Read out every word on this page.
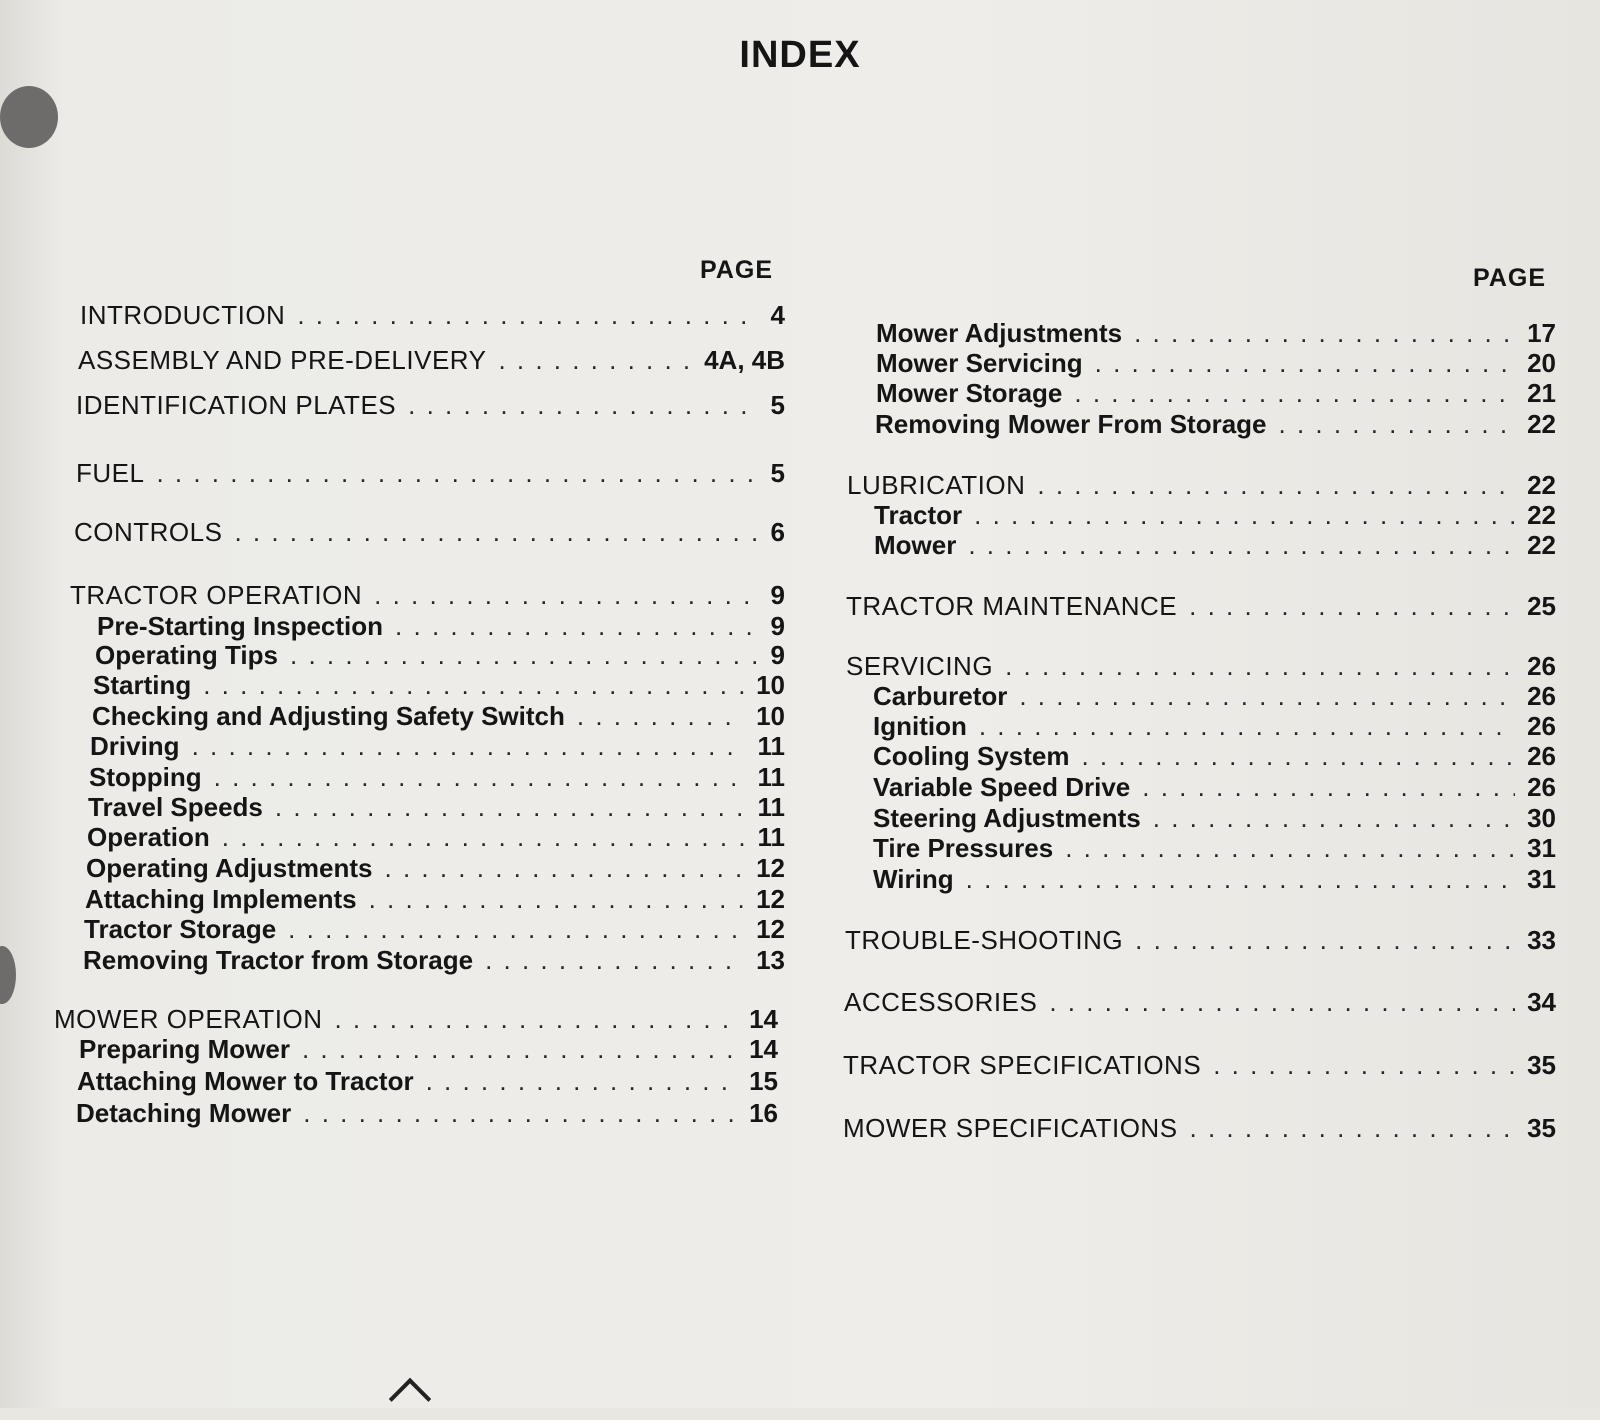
INDEX
PAGE	PAGE
INTRODUCTION . . .	4
ASSEMBLY AND PRE-DELIVERY . . .	4A, 4B
IDENTIFICATION PLATES . . .	5
FUEL . . .	5
CONTROLS . . .	6
TRACTOR OPERATION . . .	9
Pre-Starting Inspection . . .	9
Operating Tips . . .	9
Starting . . .	10
Checking and Adjusting Safety Switch . . .	10
Driving . . .	11
Stopping . . .	11
Travel Speeds . . .	11
Operation . . .	11
Operating Adjustments . . .	12
Attaching Implements . . .	12
Tractor Storage . . .	12
Removing Tractor from Storage . . .	13
MOWER OPERATION . . .	14
Preparing Mower . . .	14
Attaching Mower to Tractor . . .	15
Detaching Mower . . .	16
Mower Adjustments . . .	17
Mower Servicing . . .	20
Mower Storage . . .	21
Removing Mower From Storage . . .	22
LUBRICATION . . .	22
Tractor . . .	22
Mower . . .	22
TRACTOR MAINTENANCE . . .	25
SERVICING . . .	26
Carburetor . . .	26
Ignition . . .	26
Cooling System . . .	26
Variable Speed Drive . . .	26
Steering Adjustments . . .	30
Tire Pressures . . .	31
Wiring . . .	31
TROUBLE-SHOOTING . . .	33
ACCESSORIES . . .	34
TRACTOR SPECIFICATIONS . . .	35
MOWER SPECIFICATIONS . . .	35
